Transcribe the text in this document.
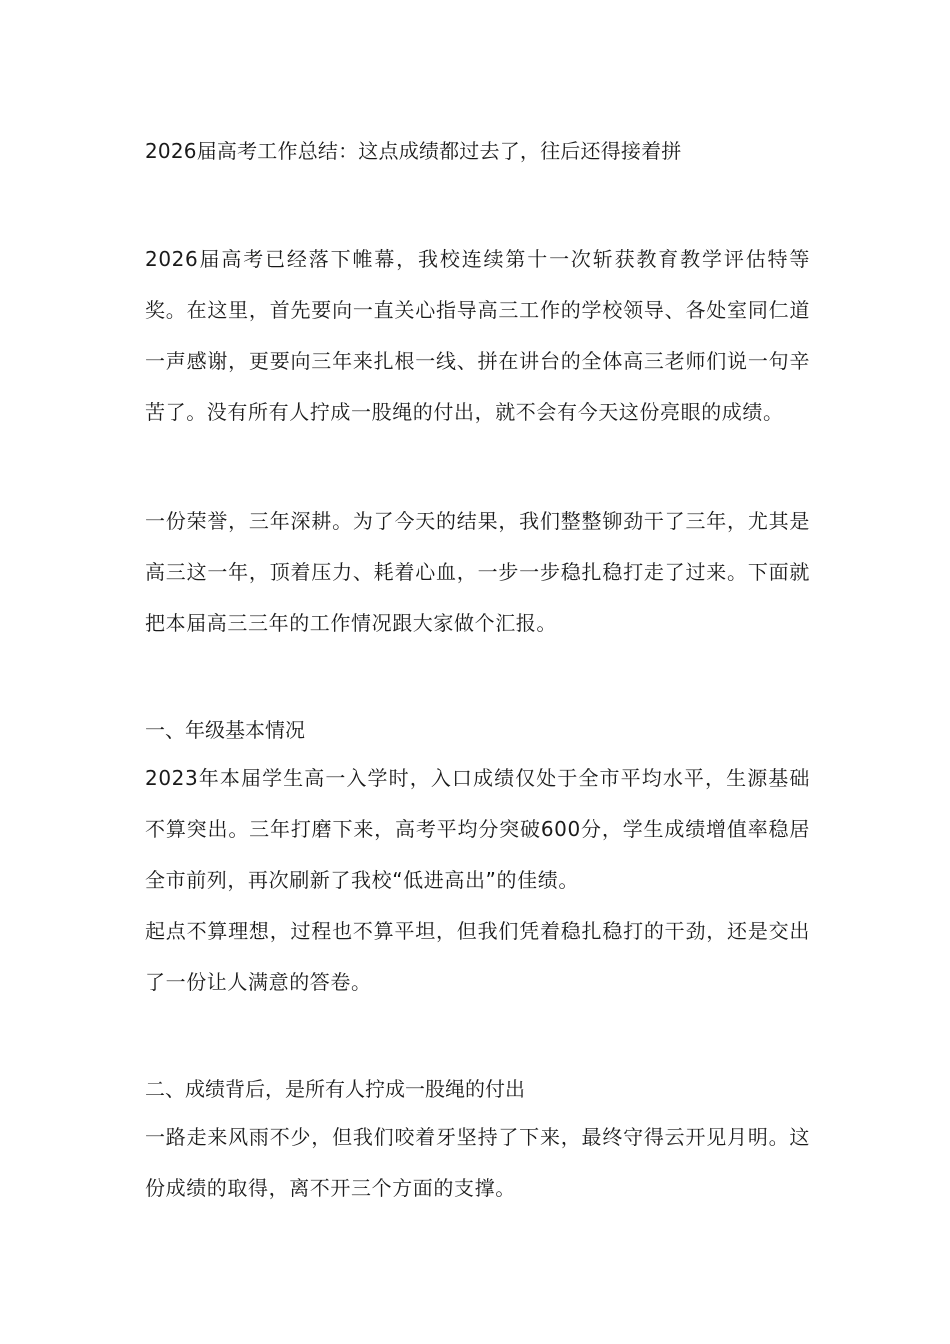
2026届高考工作总结：这点成绩都过去了，往后还得接着拼

2026届高考已经落下帷幕，我校连续第十一次斩获教育教学评估特等奖。在这里，首先要向一直关心指导高三工作的学校领导、各处室同仁道一声感谢，更要向三年来扎根一线、拼在讲台的全体高三老师们说一句辛苦了。没有所有人拧成一股绳的付出，就不会有今天这份亮眼的成绩。

一份荣誉，三年深耕。为了今天的结果，我们整整铆劲干了三年，尤其是高三这一年，顶着压力、耗着心血，一步一步稳扎稳打走了过来。下面就把本届高三三年的工作情况跟大家做个汇报。

一、年级基本情况

2023年本届学生高一入学时，入口成绩仅处于全市平均水平，生源基础不算突出。三年打磨下来，高考平均分突破600分，学生成绩增值率稳居全市前列，再次刷新了我校“低进高出”的佳绩。

起点不算理想，过程也不算平坦，但我们凭着稳扎稳打的干劲，还是交出了一份让人满意的答卷。

二、成绩背后，是所有人拧成一股绳的付出

一路走来风雨不少，但我们咬着牙坚持了下来，最终守得云开见月明。这份成绩的取得，离不开三个方面的支撑。
